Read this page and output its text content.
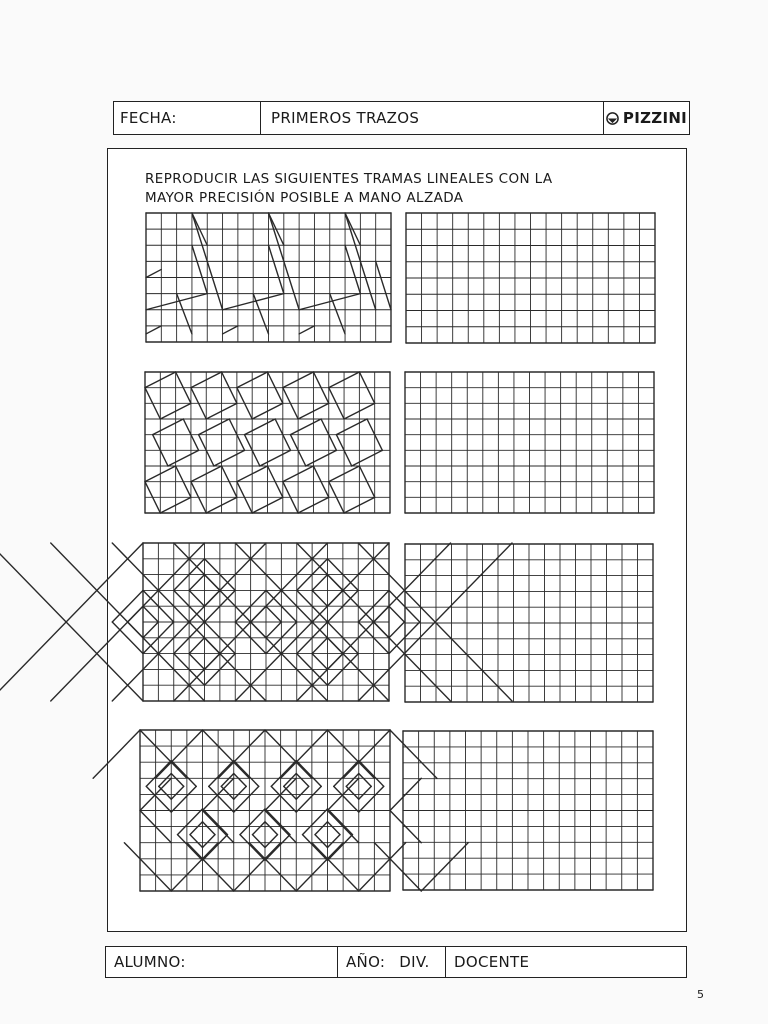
FECHA:	PRIMEROS TRAZOS	PIZZINI
REPRODUCIR LAS SIGUIENTES TRAMAS LINEALES CON LA
MAYOR PRECISIÓN POSIBLE A MANO ALZADA
ALUMNO:	AÑO: DIV. DOCENTE
5
